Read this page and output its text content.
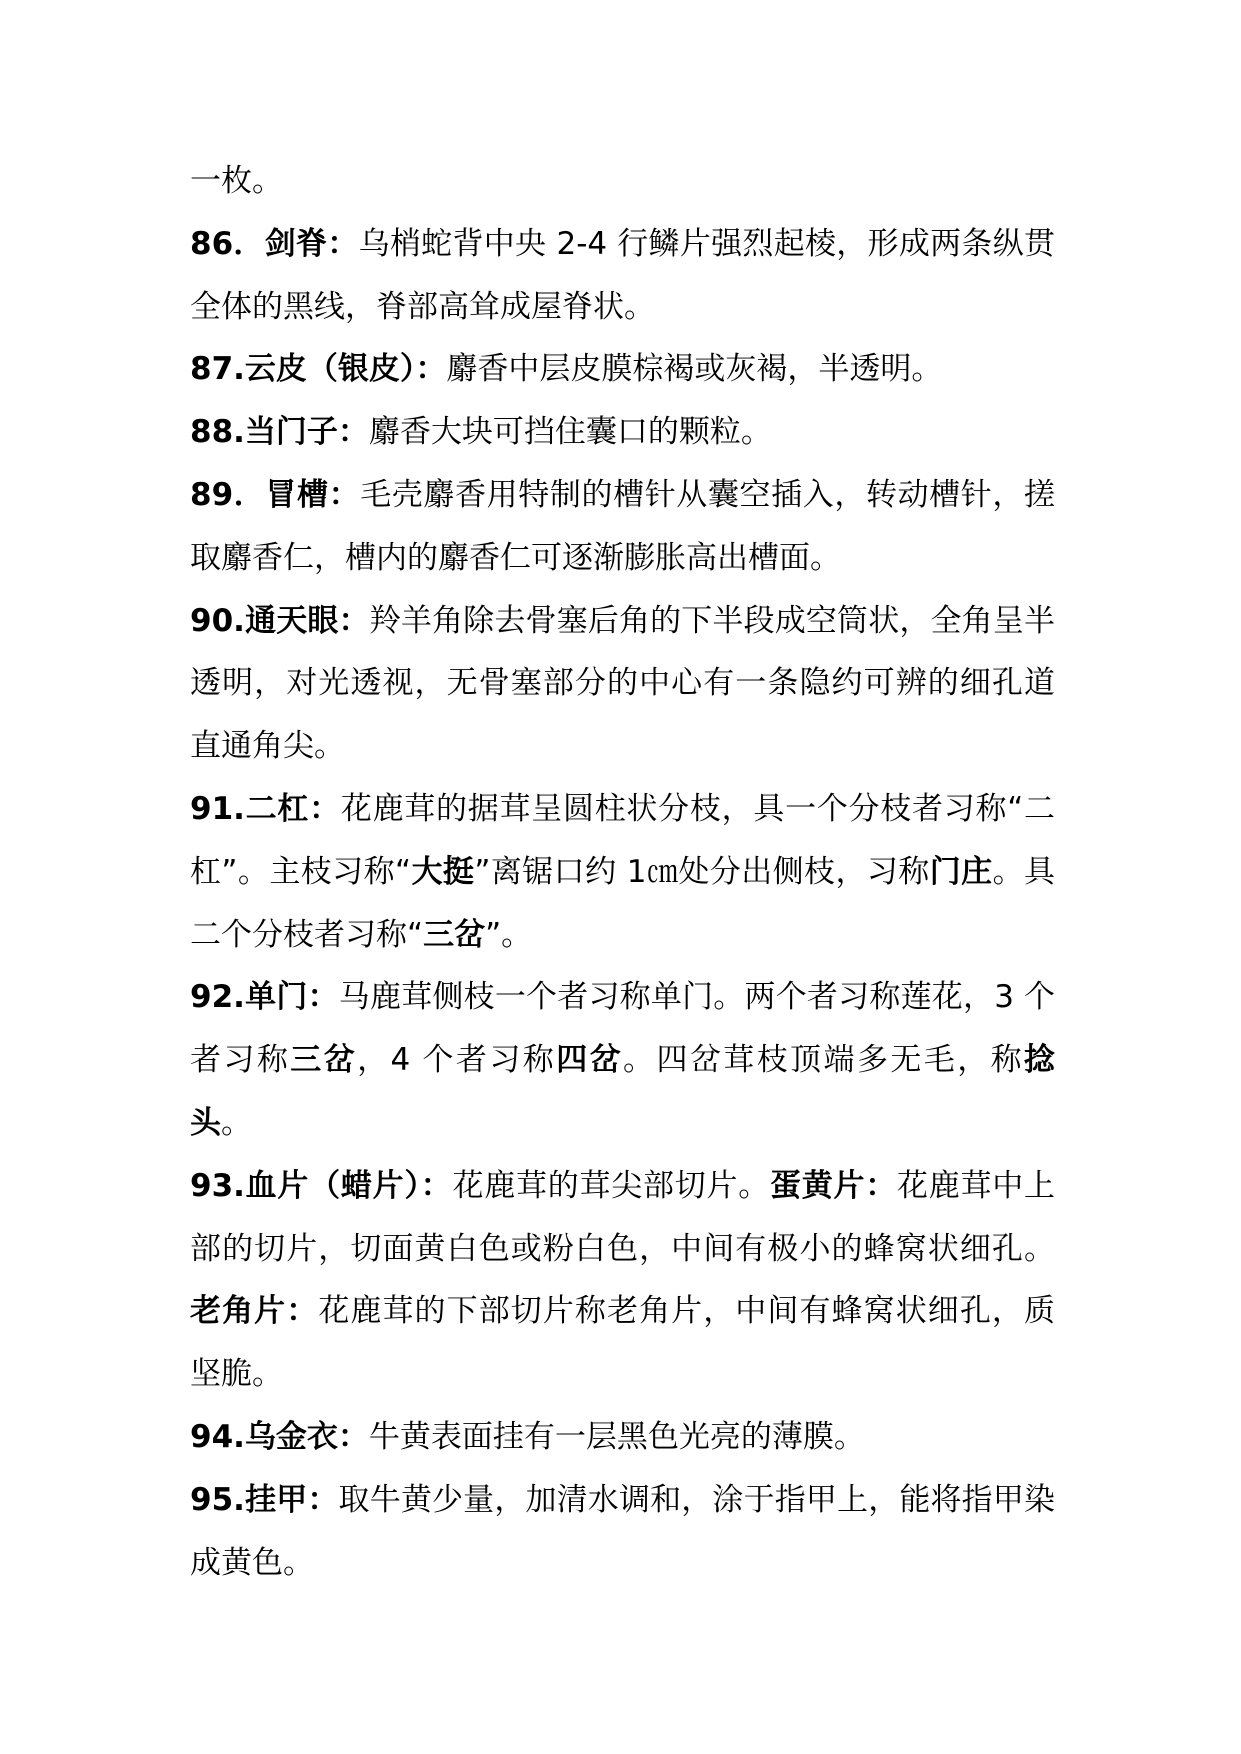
一枚。

86．剑脊：乌梢蛇背中央 2-4 行鳞片强烈起棱，形成两条纵贯全体的黑线，脊部高耸成屋脊状。

87.云皮（银皮）：麝香中层皮膜棕褐或灰褐，半透明。

88.当门子：麝香大块可挡住囊口的颗粒。

89．冒槽：毛壳麝香用特制的槽针从囊空插入，转动槽针，搓取麝香仁，槽内的麝香仁可逐渐膨胀高出槽面。

90.通天眼：羚羊角除去骨塞后角的下半段成空筒状，全角呈半透明，对光透视，无骨塞部分的中心有一条隐约可辨的细孔道直通角尖。

91.二杠：花鹿茸的据茸呈圆柱状分枝，具一个分枝者习称“二杠”。主枝习称“大挺”离锯口约 1㎝处分出侧枝，习称门庄。具二个分枝者习称“三岔”。

92.单门：马鹿茸侧枝一个者习称单门。两个者习称莲花，3 个者习称三岔，4 个者习称四岔。四岔茸枝顶端多无毛，称捻头。

93.血片（蜡片）：花鹿茸的茸尖部切片。蛋黄片：花鹿茸中上部的切片，切面黄白色或粉白色，中间有极小的蜂窝状细孔。老角片：花鹿茸的下部切片称老角片，中间有蜂窝状细孔，质坚脆。

94.乌金衣：牛黄表面挂有一层黑色光亮的薄膜。

95.挂甲：取牛黄少量，加清水调和，涂于指甲上，能将指甲染成黄色。
